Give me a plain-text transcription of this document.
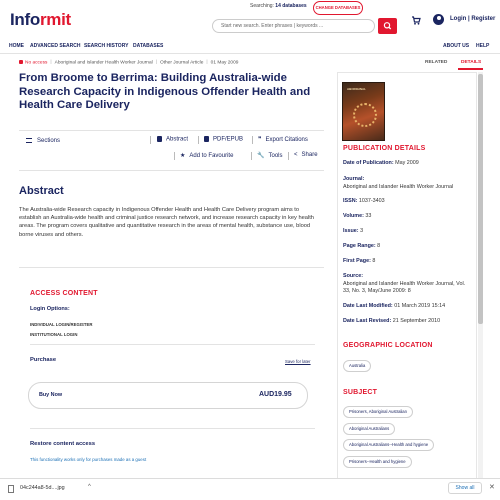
Informit
Searching: 14 databases	CHANGE DATABASES
Start new search. Enter phrases | keywords ...
Login | Register
HOME ADVANCED SEARCH SEARCH HISTORY DATABASES	ABOUT US HELP
No access | Aboriginal and Islander Health Worker Journal | Other Journal Article | 01 May 2009
From Broome to Berrima: Building Australia-wide Research Capacity in Indigenous Offender Health and Health Care Delivery
Sections	Abstract	PDF/EPUB ❞ Export Citations
★ Add to Favourite	🔧 Tools < Share
Abstract

The Australia-wide Research capacity in Indigenous Offender Health and Health Care Delivery program aims to establish an Australia-wide health and criminal justice research network, and increase research capacity in key health areas. The program covers qualitative and quantitative research in the areas of mental health, substance use, blood borne viruses and others.

ACCESS CONTENT
Login Options:
INDIVIDUAL LOGIN/REGISTER
INSTITUTIONAL LOGIN
Purchase	Save for later
Buy Now	AUD19.95
Restore content access
This functionality works only for purchases made as a guest
RELATED	DETAILS
ABORIGINAL
PUBLICATION DETAILS
Date of Publication: May 2009
Journal:
Aboriginal and Islander Health Worker Journal
ISSN: 1037-3403
Volume: 33
Issue: 3
Page Range: 8
First Page: 8
Source:
Aboriginal and Islander Health Worker Journal, Vol. 33, No. 3, May/June 2009: 8
Date Last Modified: 01 March 2019 15:14
Date Last Revised: 21 September 2010
GEOGRAPHIC LOCATION
Australia
SUBJECT
Prisoners, Aboriginal Australian
Aboriginal Australians
Aboriginal Australians--Health and hygiene
Prisoners--Health and hygiene
04c244a8-5d....jpg	^	Show all	✕
